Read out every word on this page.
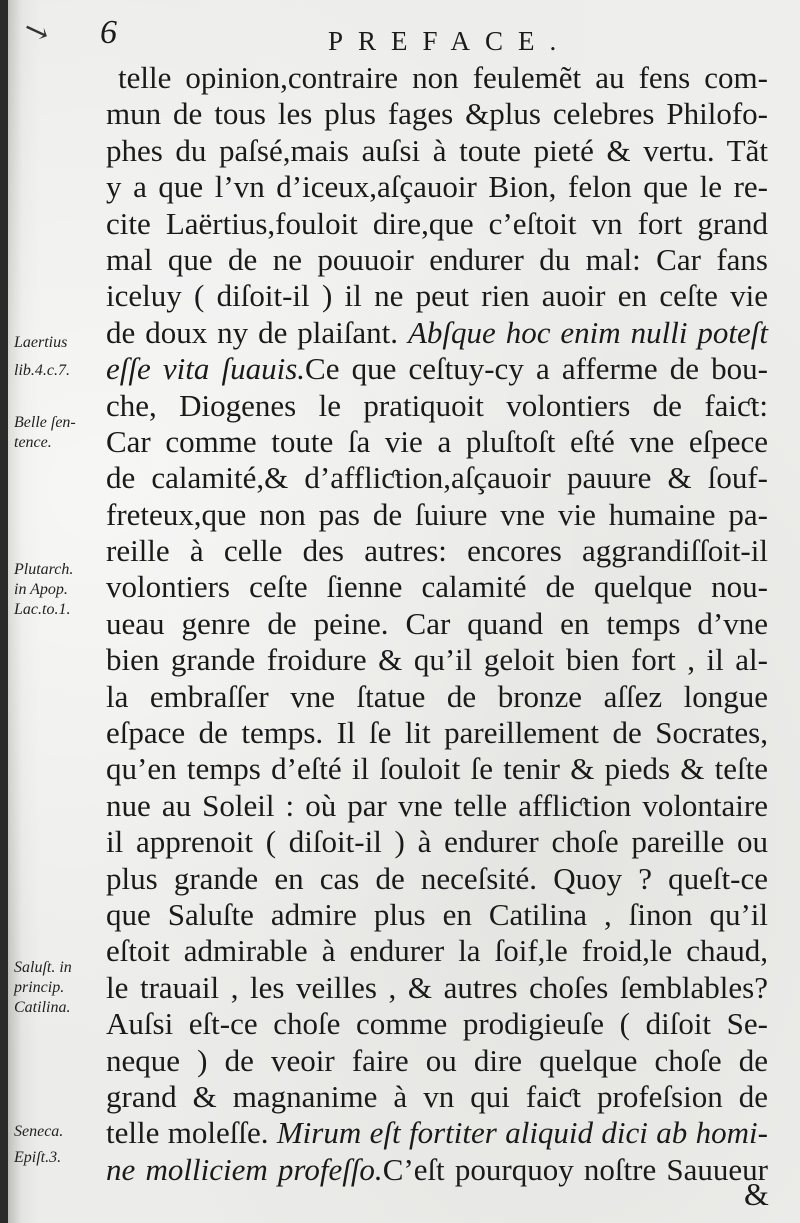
↘ 6	PREFACE.
telle opinion,contraire non feulemẽt au fens com-
mun de tous les plus fages &plus celebres Philofo-
phes du paſsé,mais auſsi à toute pieté & vertu. Tãt
y a que l’vn d’iceux,aſçauoir Bion, felon que le re-
cite Laërtius,fouloit dire,que c’eſtoit vn fort grand
mal que de ne pouuoir endurer du mal: Car fans
iceluy ( diſoit-il ) il ne peut rien auoir en ceſte vie
de doux ny de plaiſant. Abſque hoc enim nulli poteſt
eſſe vita ſuauis.Ce que ceſtuy-cy a afferme de bou-
che, Diogenes le pratiquoit volontiers de faiƈt:
Car comme toute ſa vie a pluſtoſt eſté vne eſpece
de calamité,& d’affliƈtion,aſçauoir pauure & ſouf-
freteux,que non pas de ſuiure vne vie humaine pa-
reille à celle des autres: encores aggrandiſſoit-il
volontiers ceſte ſienne calamité de quelque nou-
ueau genre de peine. Car quand en temps d’vne
bien grande froidure & qu’il geloit bien fort , il al-
la embraſſer vne ſtatue de bronze aſſez longue
eſpace de temps. Il ſe lit pareillement de Socrates,
qu’en temps d’eſté il ſouloit ſe tenir & pieds & teſte
nue au Soleil : où par vne telle affliƈtion volontaire
il apprenoit ( diſoit-il ) à endurer choſe pareille ou
plus grande en cas de neceſsité. Quoy ? queſt-ce
que Saluſte admire plus en Catilina , ſinon qu’il
eſtoit admirable à endurer la ſoif,le froid,le chaud,
le trauail , les veilles , & autres choſes ſemblables?
Auſsi eſt-ce choſe comme prodigieuſe ( diſoit Se-
neque ) de veoir faire ou dire quelque choſe de
grand & magnanime à vn qui faiƈt profeſsion de
telle moleſſe. Mirum eſt fortiter aliquid dici ab homi-
ne molliciem profeſſo.C’eſt pourquoy noſtre Sauueur
Laertius
lib.4.c.7.
Belle ſen-
tence.
Plutarch.
in Apop.
Lac.to.1.
Saluſt. in
princip.
Catilina.
Seneca.
Epiſt.3.
&
